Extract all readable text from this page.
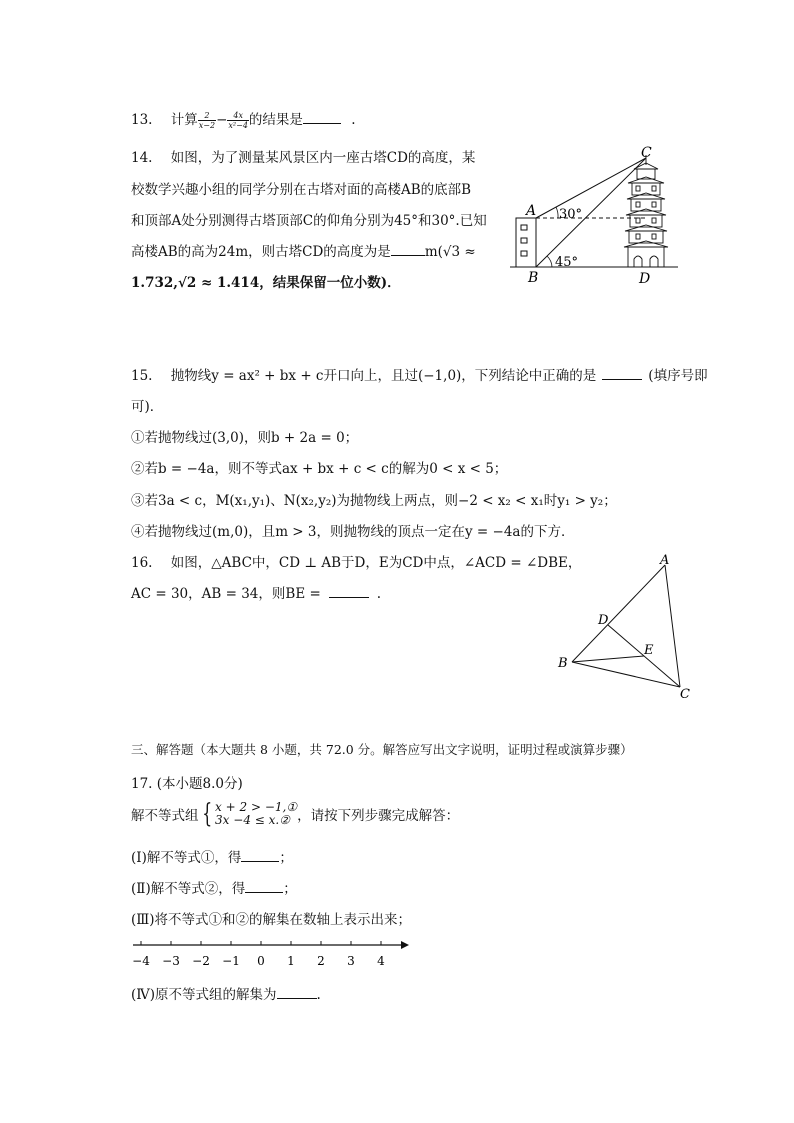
13. 计算 $\frac{2}{x-2} - \frac{4x}{\text{x²−4}}$ 的结果是	.
14. 如图，为了测量某风景区内一座古塔CD的高度，某
校数学兴趣小组的同学分别在古塔对面的高楼AB的底部B
和顶部A处分别测得古塔顶部C的仰角分别为45°和30°.已知
高楼AB的高为24m，则古塔CD的高度为是	m(√3 ≈
1.732,√2 ≈ 1.414，结果保留一位小数)．
C
A
B	D
30°
45°
15. 抛物线y = ax² + bx + c开口向上，且过(−1,0)，下列结论中正确的是	(填序号即
可)．
①若抛物线过(3,0)，则b + 2a = 0；
②若b = −4a，则不等式ax + bx + c < c的解为0 < x < 5；
③若3a < c，M(x₁,y₁)、N(x₂,y₂)为抛物线上两点，则−2 < x₂ < x₁时y₁ > y₂；
④若抛物线过(m,0)，且m > 3，则抛物线的顶点一定在y = −4a的下方．
16. 如图，△ABC中，CD ⊥ AB于D，E为CD中点，∠ACD = ∠DBE，
AC = 30，AB = 34，则BE =	.
A
B
C
D
E
三、解答题（本大题共 8 小题，共 72.0 分。解答应写出文字说明，证明过程或演算步骤）
17. (本小题8.0分)
解不等式组 { x + 2 > −1,①
3x −4 ≤ x.② ，请按下列步骤完成解答：
(Ⅰ)解不等式①，得	；
(Ⅱ)解不等式②，得	；
(Ⅲ)将不等式①和②的解集在数轴上表示出来；
−4 −3 −2 −1 0 1 2 3 4
(Ⅳ)原不等式组的解集为	.
